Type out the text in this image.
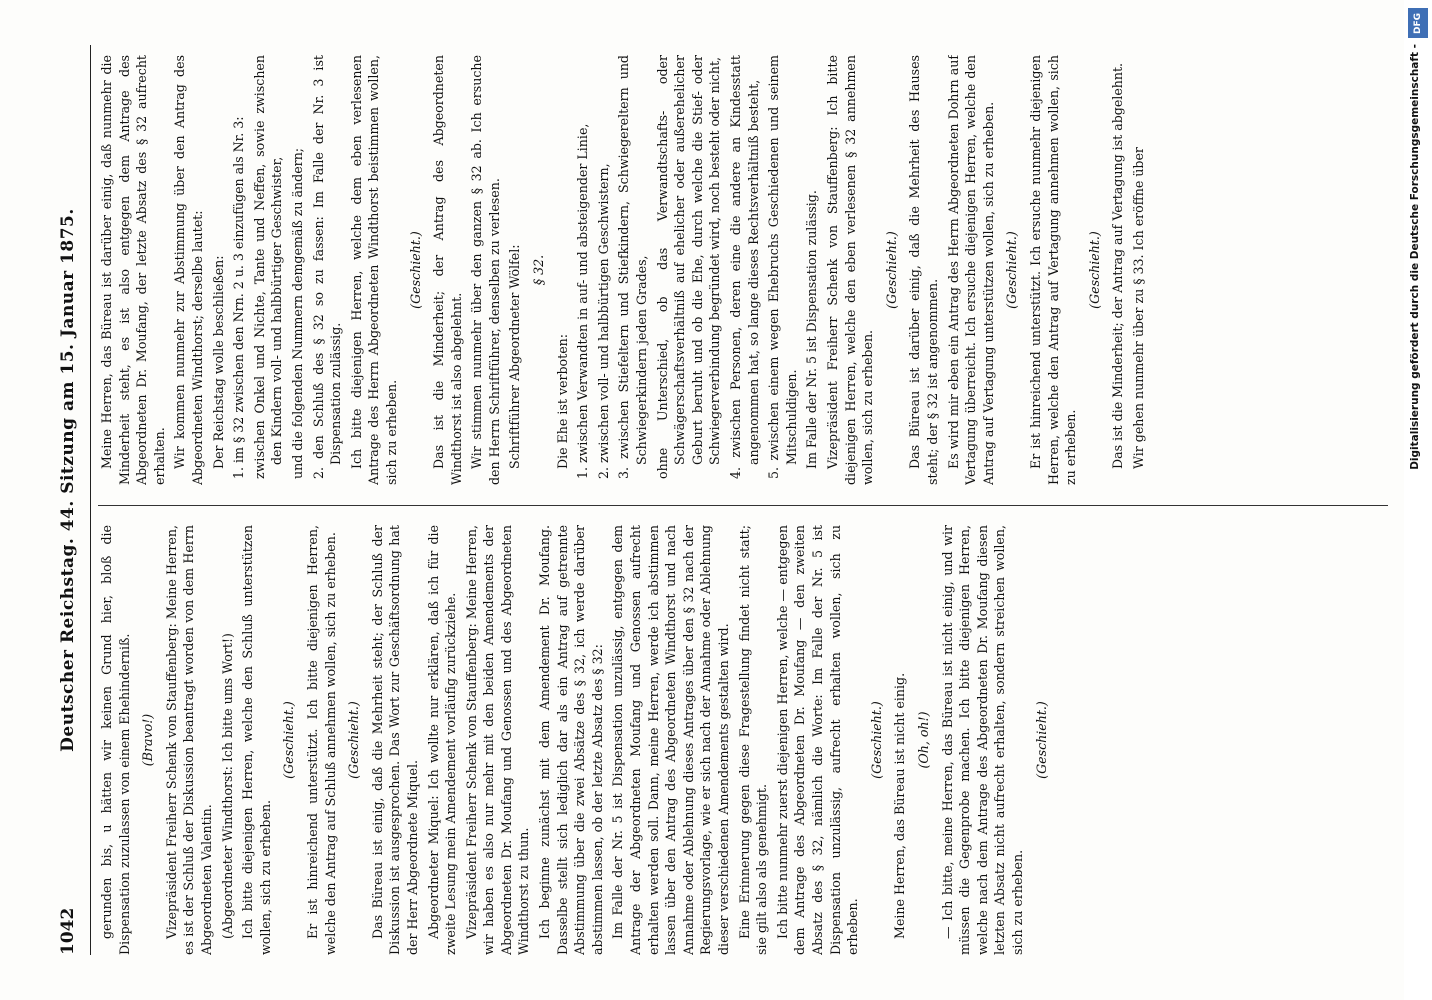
1042
Deutscher Reichstag. 44. Sitzung am 15. Januar 1875. gerunden bis, u hätten wir keinen Grund hier, bloß die Dispensation zuzulassen von einem Ehehinderniß. (Bravo!) Vizepräsident Freiherr Schenk von Stauffenberg: Meine Herren, es ist der Schluß der Diskussion beantragt worden von dem Herrn Abgeordneten Valentin. (Abgeordneter Windthorst: Ich bitte ums Wort!) Ich bitte diejenigen Herren, welche den Schluß unterstützen wollen, sich zu erheben.

(Geschieht.) Er ist hinreichend unterstützt. Ich bitte diejenigen Herren, welche den Antrag auf Schluß annehmen wollen, sich zu erheben. (Geschieht.) Das Büreau ist einig, daß die Mehrheit steht; der Schluß der Diskussion ist ausgesprochen. Das Wort zur Geschäftsordnung hat der Herr Abgeordnete Miquel. Abgeordneter Miquel: Ich wollte nur erklären, daß ich für die zweite Lesung mein Amendement vorläufig zurückziehe. Vizepräsident Freiherr Schenk von Stauffenberg: Meine Herren, wir haben es also nur mehr mit den beiden Amendements der Abgeordneten Dr. Moufang und Genossen und des Abgeordneten Windthorst zu thun. Ich beginne zunächst mit dem Amendement Dr. Moufang. Dasselbe stellt sich lediglich dar als ein Antrag auf getrennte Abstimmung über die zwei Absätze des § 32, ich werde darüber abstimmen lassen, ob der letzte Absatz des § 32: Im Falle der Nr. 5 ist Dispensation unzulässig, entgegen dem Antrage der Abgeordneten Moufang und Genossen aufrecht erhalten werden soll. Dann, meine Herren, werde ich abstimmen lassen über den Antrag des Abgeordneten Windthorst und nach Annahme oder Ablehnung dieses Antrages über den § 32 nach der Regierungsvorlage, wie er sich nach der Annahme oder Ablehnung dieser verschiedenen Amendements gestalten wird. Eine Erinnerung gegen diese Fragestellung findet nicht statt; sie gilt also als genehmigt. Ich bitte nunmehr zuerst diejenigen Herren, welche — entgegen dem Antrage des Abgeordneten Dr. Moufang — den zweiten Absatz des § 32, nämlich die Worte: Im Falle der Nr. 5 ist Dispensation unzulässig, aufrecht erhalten wollen, sich zu erheben.

(Geschieht.) Meine Herren, das Büreau ist nicht einig. (Oh, oh!) — Ich bitte, meine Herren, das Büreau ist nicht einig, und wir müssen die Gegenprobe machen. Ich bitte diejenigen Herren, welche nach dem Antrage des Abgeordneten Dr. Moufang diesen letzten Absatz nicht aufrecht erhalten, sondern streichen wollen, sich zu erheben.

(Geschieht.)

Meine Herren, das Büreau ist darüber einig, daß nunmehr die Minderheit steht, es ist also entgegen dem Antrage des Abgeordneten Dr. Moufang, der letzte Absatz des § 32 aufrecht erhalten. Wir kommen nunmehr zur Abstimmung über den Antrag des Abgeordneten Windthorst; derselbe lautet: Der Reichstag wolle beschließen: 1. im § 32 zwischen den Nrn. 2 u. 3 einzufügen als Nr. 3: zwischen Onkel und Nichte, Tante und Neffen, sowie zwischen den Kindern voll- und halbbürtiger Geschwister, und die folgenden Nummern demgemäß zu ändern; 2. den Schluß des § 32 so zu fassen: Im Falle der Nr. 3 ist Dispensation zulässig. Ich bitte diejenigen Herren, welche dem eben verlesenen Antrage des Herrn Abgeordneten Windthorst beistimmen wollen, sich zu erheben.

(Geschieht.) Das ist die Minderheit; der Antrag des Abgeordneten Windthorst ist also abgelehnt. Wir stimmen nunmehr über den ganzen § 32 ab. Ich ersuche den Herrn Schriftführer, denselben zu verlesen. Schriftführer Abgeordneter Wölfel: § 32.

Die Ehe ist verboten: 1. zwischen Verwandten in auf- und absteigender Linie, 2. zwischen voll- und halbbürtigen Geschwistern, 3. zwischen Stiefeltern und Stiefkindern, Schwiegereltern und Schwiegerkindern jeden Grades, ohne Unterschied, ob das Verwandtschafts- oder Schwägerschaftsverhältniß auf ehelicher oder außerehelicher Geburt beruht und ob die Ehe, durch welche die Stief- oder Schwiegerverbindung begründet wird, noch besteht oder nicht, 4. zwischen Personen, deren eine die andere an Kindesstatt angenommen hat, so lange dieses Rechtsverhältniß besteht, 5. zwischen einem wegen Ehebruchs Geschiedenen und seinem Mitschuldigen. Im Falle der Nr. 5 ist Dispensation zulässig. Vizepräsident Freiherr Schenk von Stauffenberg: Ich bitte diejenigen Herren, welche den eben verlesenen § 32 annehmen wollen, sich zu erheben.

(Geschieht.) Das Büreau ist darüber einig, daß die Mehrheit des Hauses steht; der § 32 ist angenommen. Es wird mir eben ein Antrag des Herrn Abgeordneten Dohrn auf Vertagung überreicht. Ich ersuche diejenigen Herren, welche den Antrag auf Vertagung unterstützen wollen, sich zu erheben. (Geschieht.) Er ist hinreichend unterstützt. Ich ersuche nunmehr diejenigen Herren, welche den Antrag auf Vertagung annehmen wollen, sich zu erheben.

(Geschieht.) Das ist die Minderheit; der Antrag auf Vertagung ist abgelehnt. Wir gehen nunmehr über zu § 33. Ich eröffne über

DFG
Digitalisierung gefördert durch die Deutsche Forschungsgemeinschaft -
